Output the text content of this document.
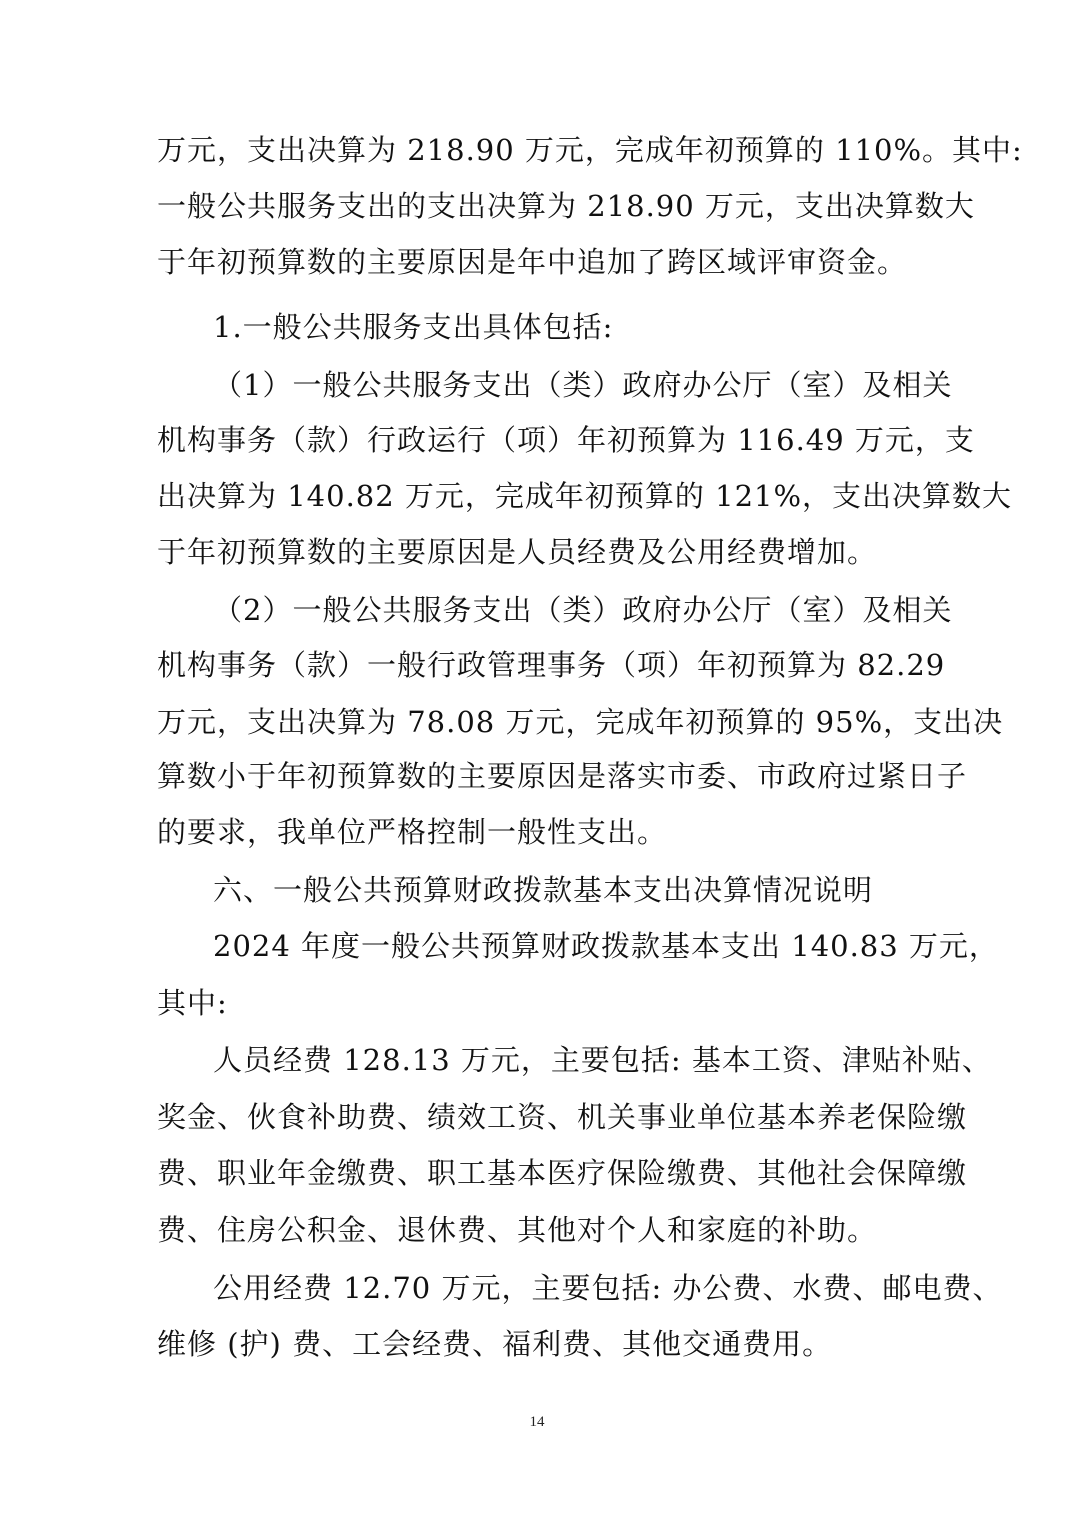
万元，支出决算为 218.90 万元，完成年初预算的 110%。其中:
一般公共服务支出的支出决算为 218.90 万元，支出决算数大
于年初预算数的主要原因是年中追加了跨区域评审资金。
1.一般公共服务支出具体包括:
（1）一般公共服务支出（类）政府办公厅（室）及相关
机构事务（款）行政运行（项）年初预算为 116.49 万元，支
出决算为 140.82 万元，完成年初预算的 121%，支出决算数大
于年初预算数的主要原因是人员经费及公用经费增加。
（2）一般公共服务支出（类）政府办公厅（室）及相关
机构事务（款）一般行政管理事务（项）年初预算为 82.29
万元，支出决算为 78.08 万元，完成年初预算的 95%，支出决
算数小于年初预算数的主要原因是落实市委、市政府过紧日子
的要求，我单位严格控制一般性支出。
六、一般公共预算财政拨款基本支出决算情况说明
2024 年度一般公共预算财政拨款基本支出 140.83 万元，
其中:
人员经费 128.13 万元，主要包括: 基本工资、津贴补贴、
奖金、伙食补助费、绩效工资、机关事业单位基本养老保险缴
费、职业年金缴费、职工基本医疗保险缴费、其他社会保障缴
费、住房公积金、退休费、其他对个人和家庭的补助。
公用经费 12.70 万元，主要包括: 办公费、水费、邮电费、
维修 (护) 费、工会经费、福利费、其他交通费用。
14
